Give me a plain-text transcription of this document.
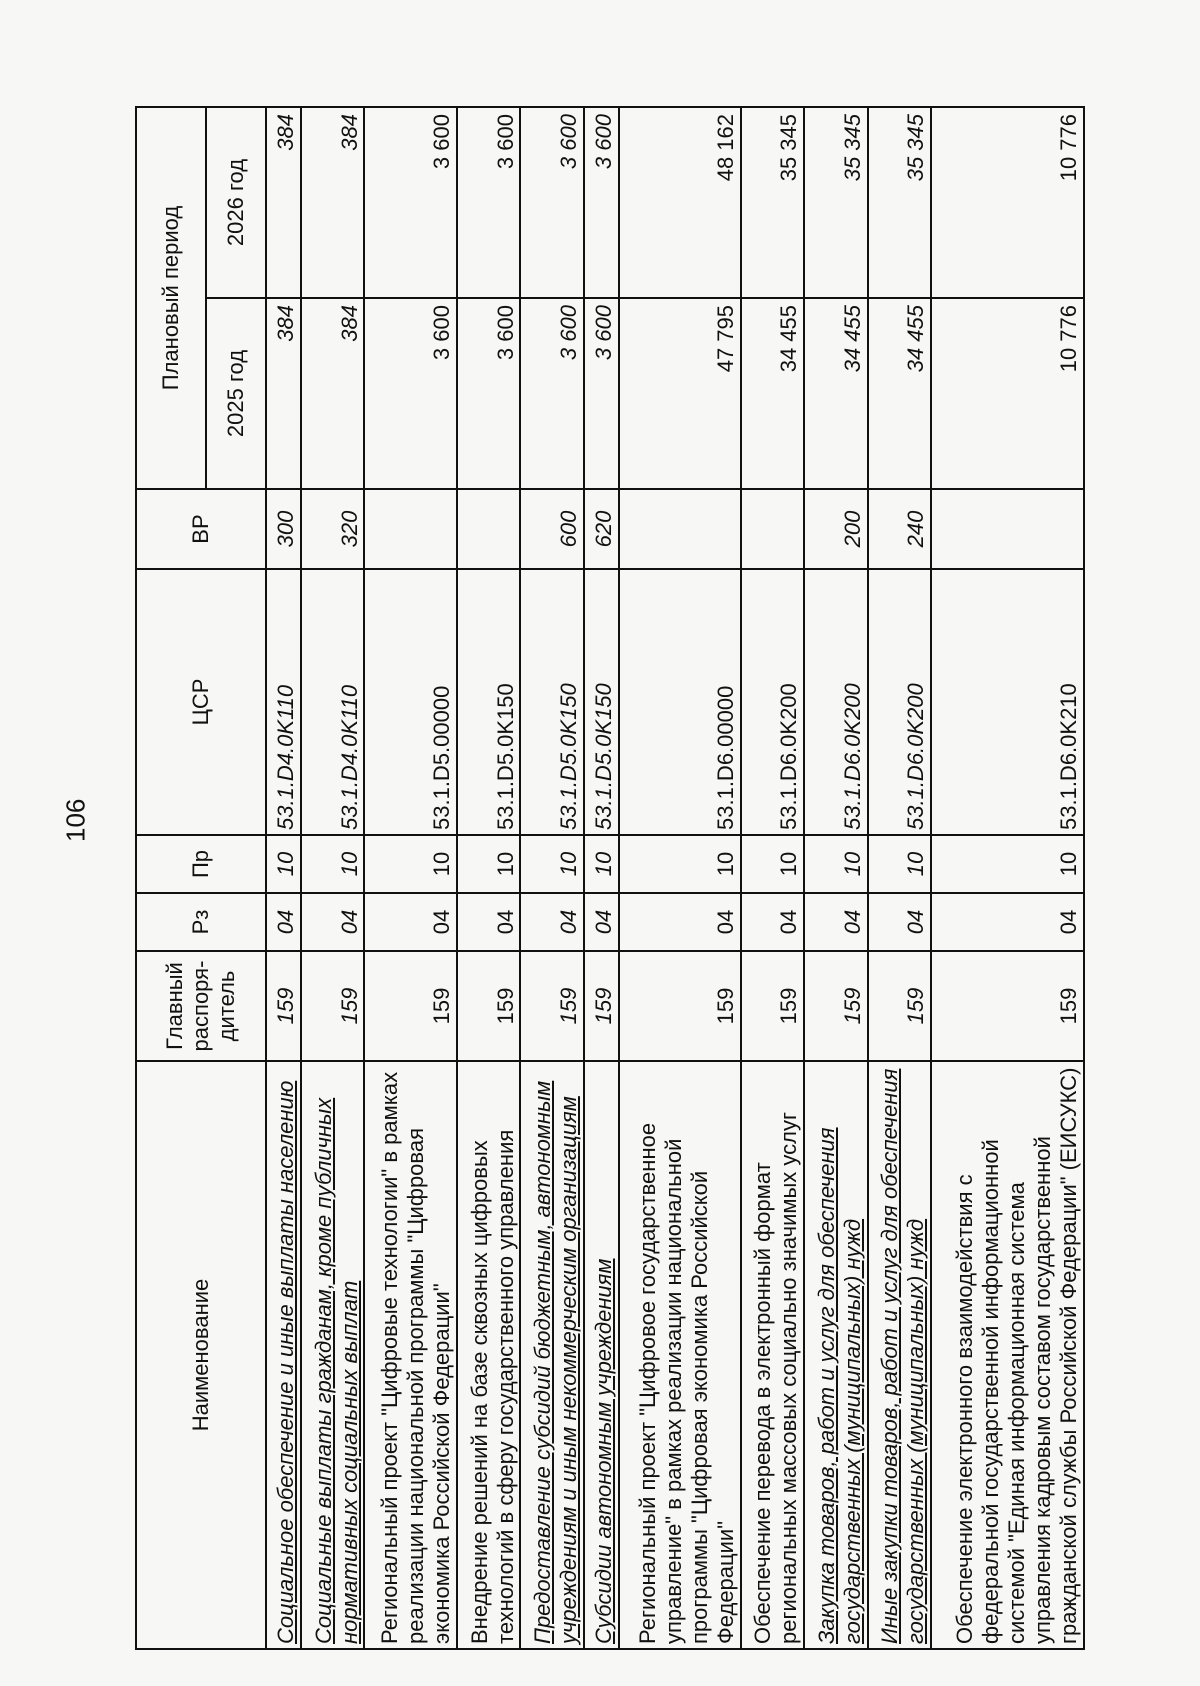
106
Наименование	Главный распоря-дитель	Рз	Пр	ЦСР	ВР	Плановый период	
						2025 год	2026 год
Социальное обеспечение и иные выплаты населению	159	04	10	53.1.D4.0K110	300	384	384
Социальные выплаты гражданам, кроме публичных нормативных социальных выплат	159	04	10	53.1.D4.0K110	320	384	384
Региональный проект "Цифровые технологии" в рамках реализации национальной программы "Цифровая экономика Российской Федерации"	159	04	10	53.1.D5.00000		3 600	3 600
Внедрение решений на базе сквозных цифровых технологий в сферу государственного управления	159	04	10	53.1.D5.0K150		3 600	3 600
Предоставление субсидий бюджетным, автономным учреждениям и иным некоммерческим организациям	159	04	10	53.1.D5.0K150	600	3 600	3 600
Субсидии автономным учреждениям	159	04	10	53.1.D5.0K150	620	3 600	3 600
Региональный проект "Цифровое государственное управление" в рамках реализации национальной программы "Цифровая экономика Российской Федерации"	159	04	10	53.1.D6.00000		47 795	48 162
Обеспечение перевода в электронный формат региональных массовых социально значимых услуг	159	04	10	53.1.D6.0K200		34 455	35 345
Закупка товаров, работ и услуг для обеспечения государственных (муниципальных) нужд	159	04	10	53.1.D6.0K200	200	34 455	35 345
Иные закупки товаров, работ и услуг для обеспечения государственных (муниципальных) нужд	159	04	10	53.1.D6.0K200	240	34 455	35 345
Обеспечение электронного взаимодействия с федеральной государственной информационной системой "Единая информационная система управления кадровым составом государственной гражданской службы Российской Федерации" (ЕИСУКС)	159	04	10	53.1.D6.0K210		10 776	10 776
